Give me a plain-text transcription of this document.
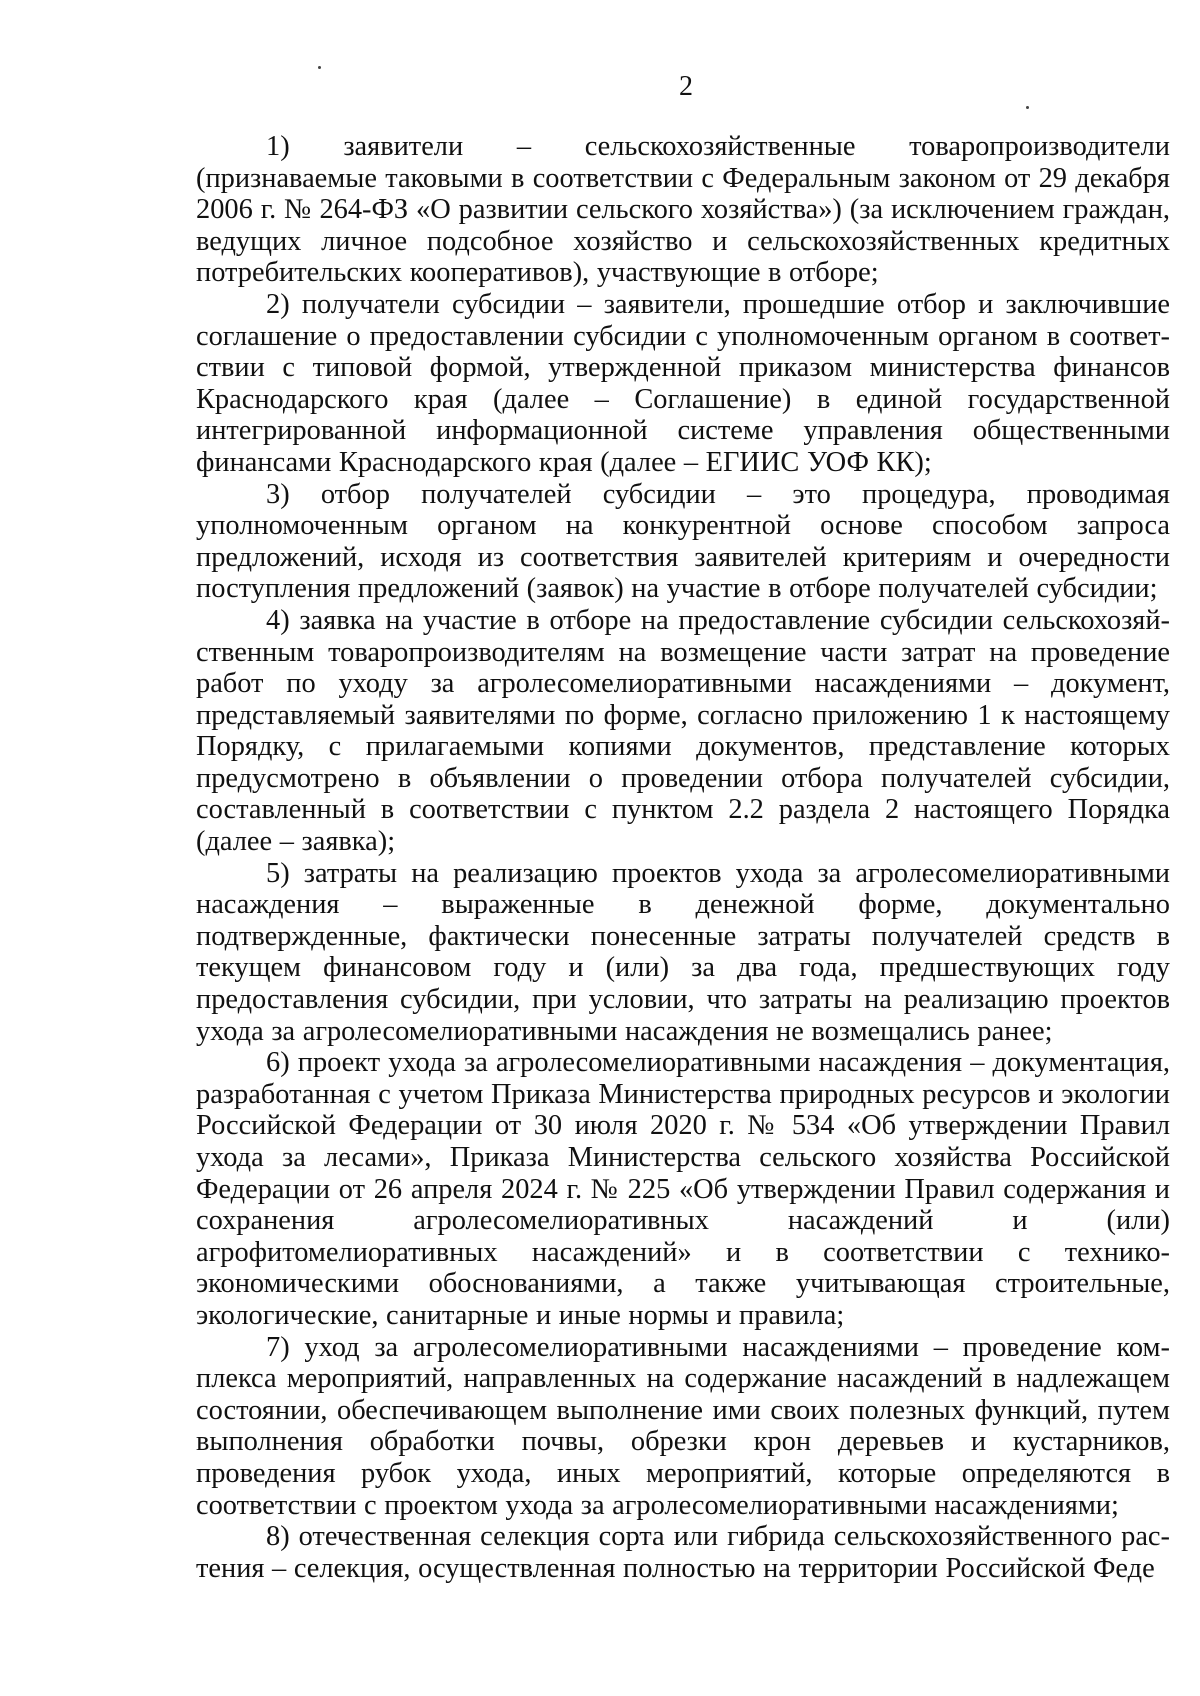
2

1) заявители – сельскохозяйственные товаропроизводители (признаваемые таковыми в соответствии с Федеральным законом от 29 декабря 2006 г. № 264-ФЗ «О развитии сельского хозяйства») (за исключением граждан, ведущих личное подсобное хозяйство и сельскохозяйственных кредитных потребительских кооперативов), участвующие в отборе;

2) получатели субсидии – заявители, прошедшие отбор и заключившие соглашение о предоставлении субсидии с уполномоченным органом в соответствии с типовой формой, утвержденной приказом министерства финансов Краснодарского края (далее – Соглашение) в единой государственной интегрированной информационной системе управления общественными финансами Краснодарского края (далее – ЕГИИС УОФ КК);

3) отбор получателей субсидии – это процедура, проводимая уполномоченным органом на конкурентной основе способом запроса предложений, исходя из соответствия заявителей критериям и очередности поступления предложений (заявок) на участие в отборе получателей субсидии;

4) заявка на участие в отборе на предоставление субсидии сельскохозяйственным товаропроизводителям на возмещение части затрат на проведение работ по уходу за агролесомелиоративными насаждениями – документ, представляемый заявителями по форме, согласно приложению 1 к настоящему Порядку, с прилагаемыми копиями документов, представление которых предусмотрено в объявлении о проведении отбора получателей субсидии, составленный в соответствии с пунктом 2.2 раздела 2 настоящего Порядка (далее – заявка);

5) затраты на реализацию проектов ухода за агролесомелиоративными насаждения – выраженные в денежной форме, документально подтвержденные, фактически понесенные затраты получателей средств в текущем финансовом году и (или) за два года, предшествующих году предоставления субсидии, при условии, что затраты на реализацию проектов ухода за агролесомелиоративными насаждения не возмещались ранее;

6) проект ухода за агролесомелиоративными насаждения – документация, разработанная с учетом Приказа Министерства природных ресурсов и экологии Российской Федерации от 30 июля 2020 г. № 534 «Об утверждении Правил ухода за лесами», Приказа Министерства сельского хозяйства Российской Федерации от 26 апреля 2024 г. № 225 «Об утверждении Правил содержания и сохранения агролесомелиоративных насаждений и (или) агрофитомелиоративных насаждений» и в соответствии с технико-экономическими обоснованиями, а также учитывающая строительные, экологические, санитарные и иные нормы и правила;

7) уход за агролесомелиоративными насаждениями – проведение комплекса мероприятий, направленных на содержание насаждений в надлежащем состоянии, обеспечивающем выполнение ими своих полезных функций, путем выполнения обработки почвы, обрезки крон деревьев и кустарников, проведения рубок ухода, иных мероприятий, которые определяются в соответствии с проектом ухода за агролесомелиоративными насаждениями;

8) отечественная селекция сорта или гибрида сельскохозяйственного растения – селекция, осуществленная полностью на территории Российской Феде
